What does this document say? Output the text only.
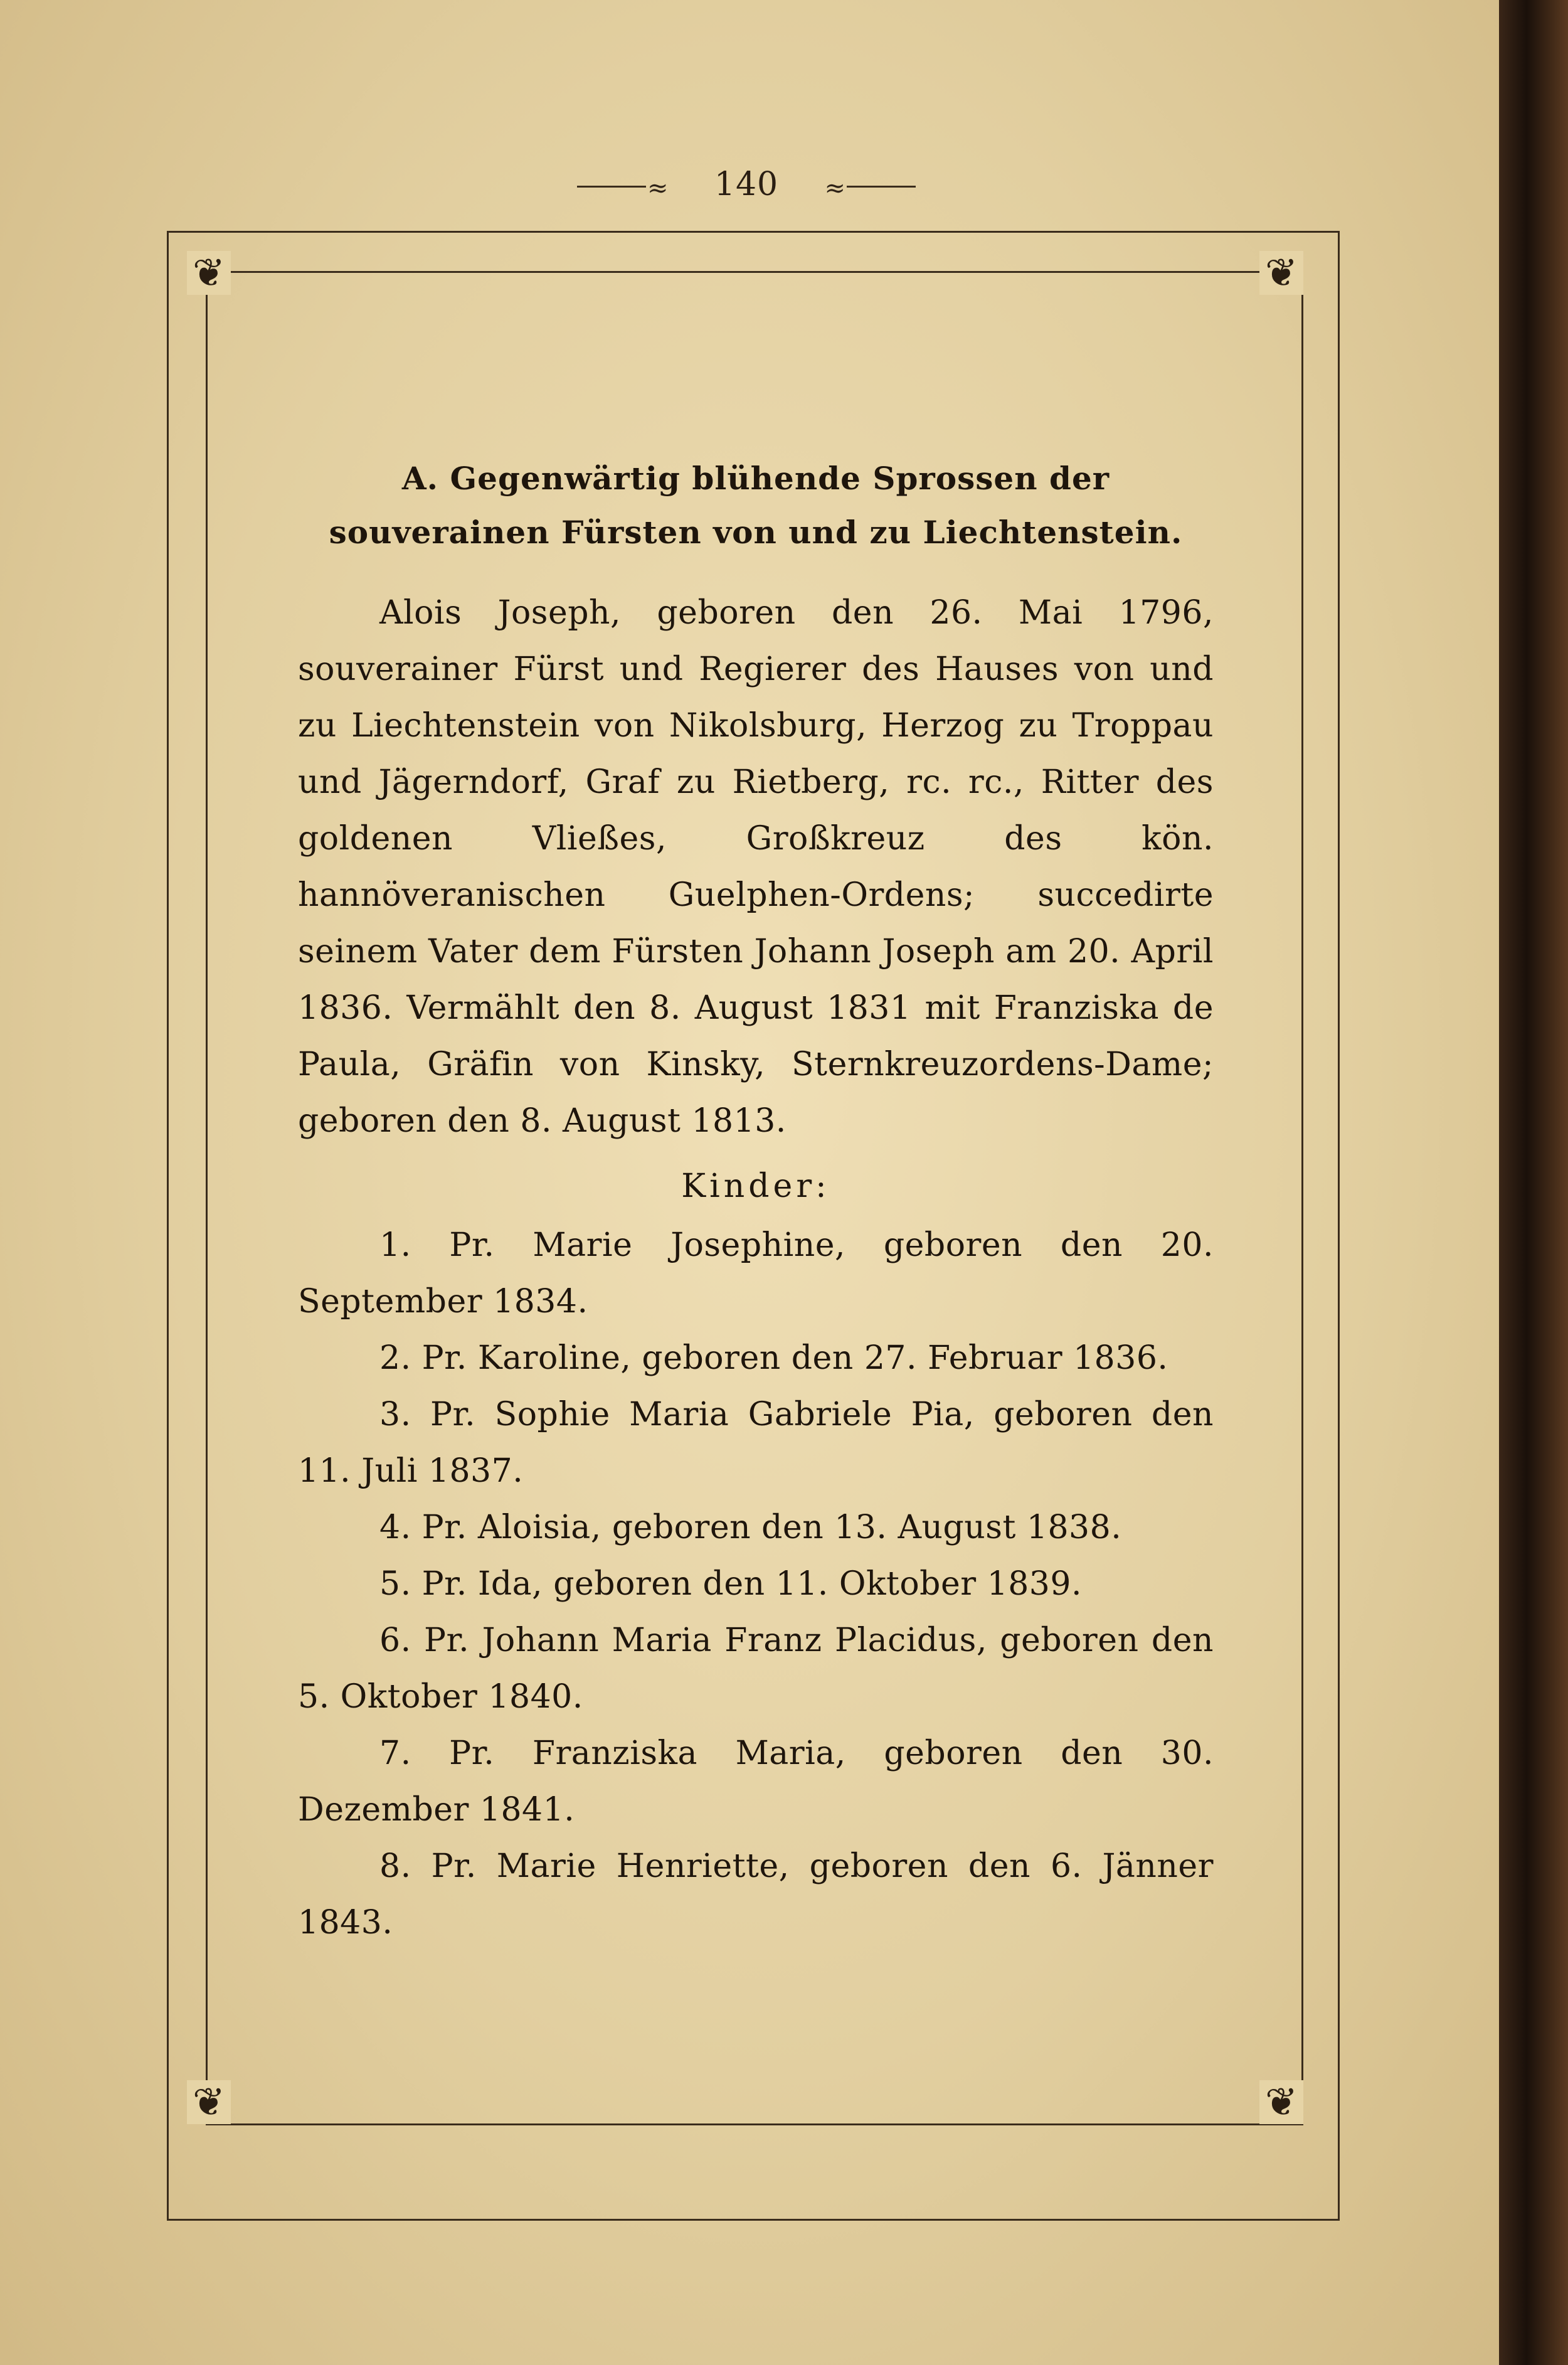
≈	140	≈
❦	❦
❦	❦
A. Gegenwärtig blühende Sprossen der souverainen Fürsten von und zu Liechtenstein.
Alois Joseph, geboren den 26. Mai 1796, souverainer Fürst und Regierer des Hauses von und zu Liechtenstein von Nikolsburg, Herzog zu Troppau und Jägerndorf, Graf zu Rietberg, rc. rc., Ritter des goldenen Vließes, Großkreuz des kön. hannöveranischen Guelphen-Ordens; succedirte seinem Vater dem Fürsten Johann Joseph am 20. April 1836. Vermählt den 8. August 1831 mit Franziska de Paula, Gräfin von Kinsky, Sternkreuzordens-Dame; geboren den 8. August 1813.
Kinder:
1. Pr. Marie Josephine, geboren den 20. September 1834.
2. Pr. Karoline, geboren den 27. Februar 1836.
3. Pr. Sophie Maria Gabriele Pia, geboren den 11. Juli 1837.
4. Pr. Aloisia, geboren den 13. August 1838.
5. Pr. Ida, geboren den 11. Oktober 1839.
6. Pr. Johann Maria Franz Placidus, geboren den 5. Oktober 1840.
7. Pr. Franziska Maria, geboren den 30. Dezember 1841.
8. Pr. Marie Henriette, geboren den 6. Jänner 1843.
